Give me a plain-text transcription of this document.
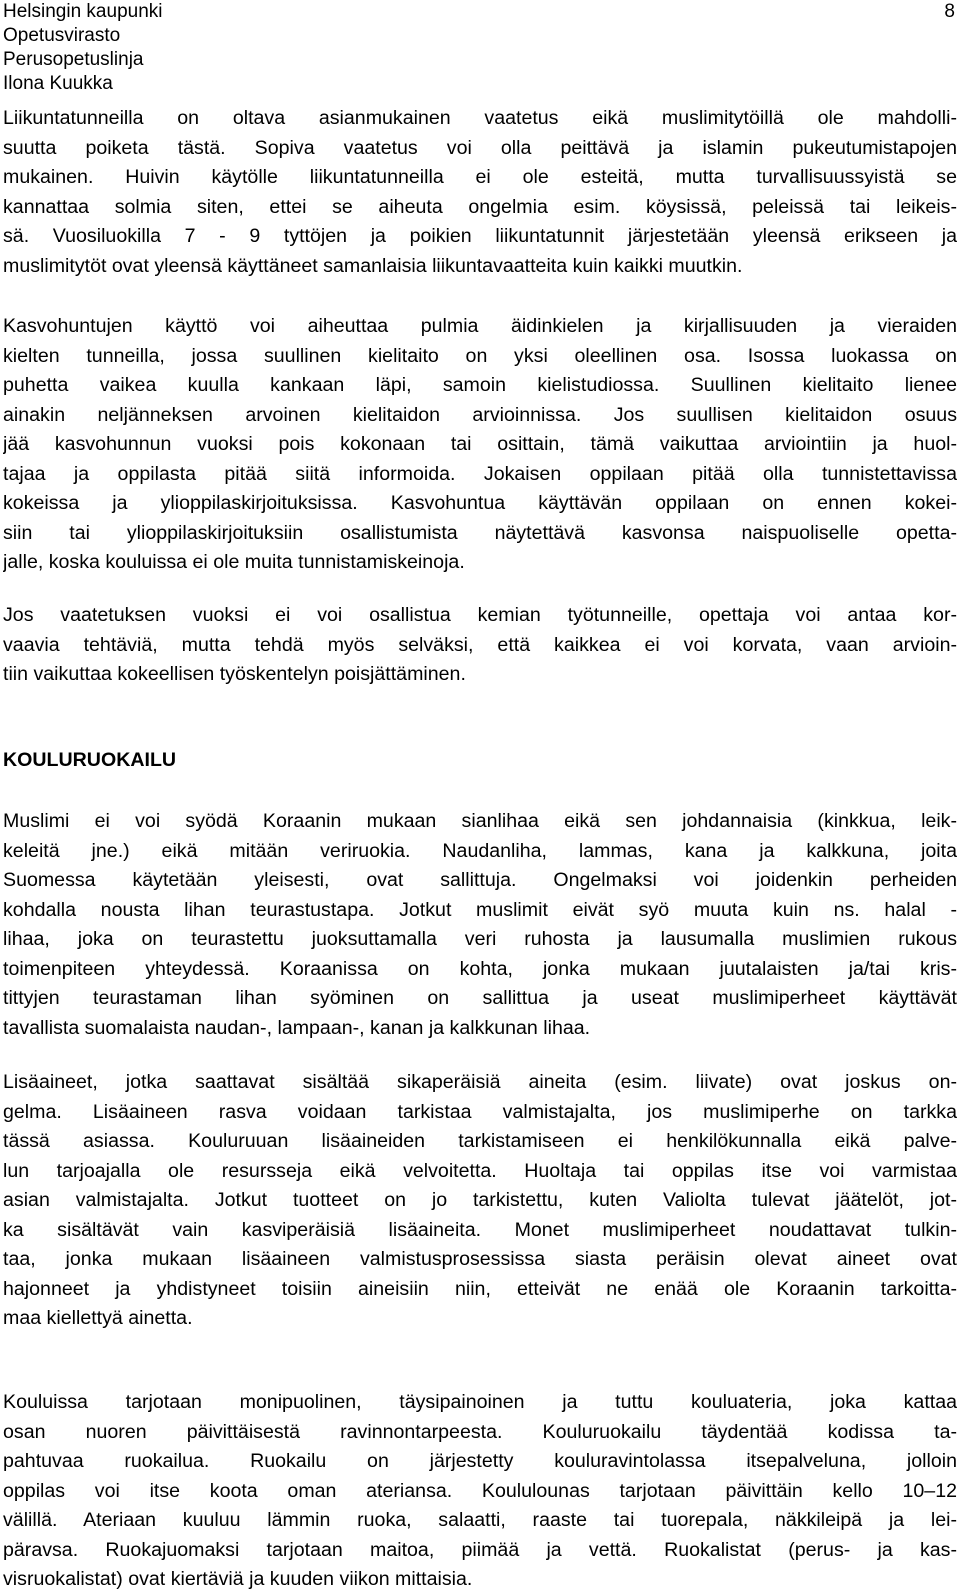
Helsingin kaupunki
Opetusvirasto
Perusopetuslinja
Ilona Kuukka
8
Liikuntatunneilla on oltava asianmukainen vaatetus eikä muslimitytöillä ole mahdolli-
suutta poiketa tästä. Sopiva vaatetus voi olla peittävä ja islamin pukeutumistapojen
mukainen. Huivin käytölle liikuntatunneilla ei ole esteitä, mutta turvallisuussyistä se
kannattaa solmia siten, ettei se aiheuta ongelmia esim. köysissä, peleissä tai leikeis-
sä. Vuosiluokilla 7 - 9 tyttöjen ja poikien liikuntatunnit järjestetään yleensä erikseen ja
muslimitytöt ovat yleensä käyttäneet samanlaisia liikuntavaatteita kuin kaikki muutkin.
Kasvohuntujen käyttö voi aiheuttaa pulmia äidinkielen ja kirjallisuuden ja vieraiden
kielten tunneilla, jossa suullinen kielitaito on yksi oleellinen osa. Isossa luokassa on
puhetta vaikea kuulla kankaan läpi, samoin kielistudiossa. Suullinen kielitaito lienee
ainakin neljänneksen arvoinen kielitaidon arvioinnissa. Jos suullisen kielitaidon osuus
jää kasvohunnun vuoksi pois kokonaan tai osittain, tämä vaikuttaa arviointiin ja huol-
tajaa ja oppilasta pitää siitä informoida. Jokaisen oppilaan pitää olla tunnistettavissa
kokeissa ja ylioppilaskirjoituksissa. Kasvohuntua käyttävän oppilaan on ennen kokei-
siin tai ylioppilaskirjoituksiin osallistumista näytettävä kasvonsa naispuoliselle opetta-
jalle, koska kouluissa ei ole muita tunnistamiskeinoja.
Jos vaatetuksen vuoksi ei voi osallistua kemian työtunneille, opettaja voi antaa kor-
vaavia tehtäviä, mutta tehdä myös selväksi, että kaikkea ei voi korvata, vaan arvioin-
tiin vaikuttaa kokeellisen työskentelyn poisjättäminen.
KOULURUOKAILU
Muslimi ei voi syödä Koraanin mukaan sianlihaa eikä sen johdannaisia (kinkkua, leik-
keleitä jne.) eikä mitään veriruokia. Naudanliha, lammas, kana ja kalkkuna, joita
Suomessa käytetään yleisesti, ovat sallittuja. Ongelmaksi voi joidenkin perheiden
kohdalla nousta lihan teurastustapa. Jotkut muslimit eivät syö muuta kuin ns. halal -
lihaa, joka on teurastettu juoksuttamalla veri ruhosta ja lausumalla muslimien rukous
toimenpiteen yhteydessä. Koraanissa on kohta, jonka mukaan juutalaisten ja/tai kris-
tittyjen teurastaman lihan syöminen on sallittua ja useat muslimiperheet käyttävät
tavallista suomalaista naudan-, lampaan-, kanan ja kalkkunan lihaa.
Lisäaineet, jotka saattavat sisältää sikaperäisiä aineita (esim. liivate) ovat joskus on-
gelma. Lisäaineen rasva voidaan tarkistaa valmistajalta, jos muslimiperhe on tarkka
tässä asiassa. Kouluruuan lisäaineiden tarkistamiseen ei henkilökunnalla eikä palve-
lun tarjoajalla ole resursseja eikä velvoitetta. Huoltaja tai oppilas itse voi varmistaa
asian valmistajalta. Jotkut tuotteet on jo tarkistettu, kuten Valiolta tulevat jäätelöt, jot-
ka sisältävät vain kasviperäisiä lisäaineita. Monet muslimiperheet noudattavat tulkin-
taa, jonka mukaan lisäaineen valmistusprosessissa siasta peräisin olevat aineet ovat
hajonneet ja yhdistyneet toisiin aineisiin niin, etteivät ne enää ole Koraanin tarkoitta-
maa kiellettyä ainetta.
Kouluissa tarjotaan monipuolinen, täysipainoinen ja tuttu kouluateria, joka kattaa
osan nuoren päivittäisestä ravinnontarpeesta. Kouluruokailu täydentää kodissa ta-
pahtuvaa ruokailua. Ruokailu on järjestetty kouluravintolassa itsepalveluna, jolloin
oppilas voi itse koota oman ateriansa. Koululounas tarjotaan päivittäin kello 10–12
välillä. Ateriaan kuuluu lämmin ruoka, salaatti, raaste tai tuorepala, näkkileipä ja lei-
päravsa. Ruokajuomaksi tarjotaan maitoa, piimää ja vettä. Ruokalistat (perus- ja kas-
visruokalistat) ovat kiertäviä ja kuuden viikon mittaisia.
